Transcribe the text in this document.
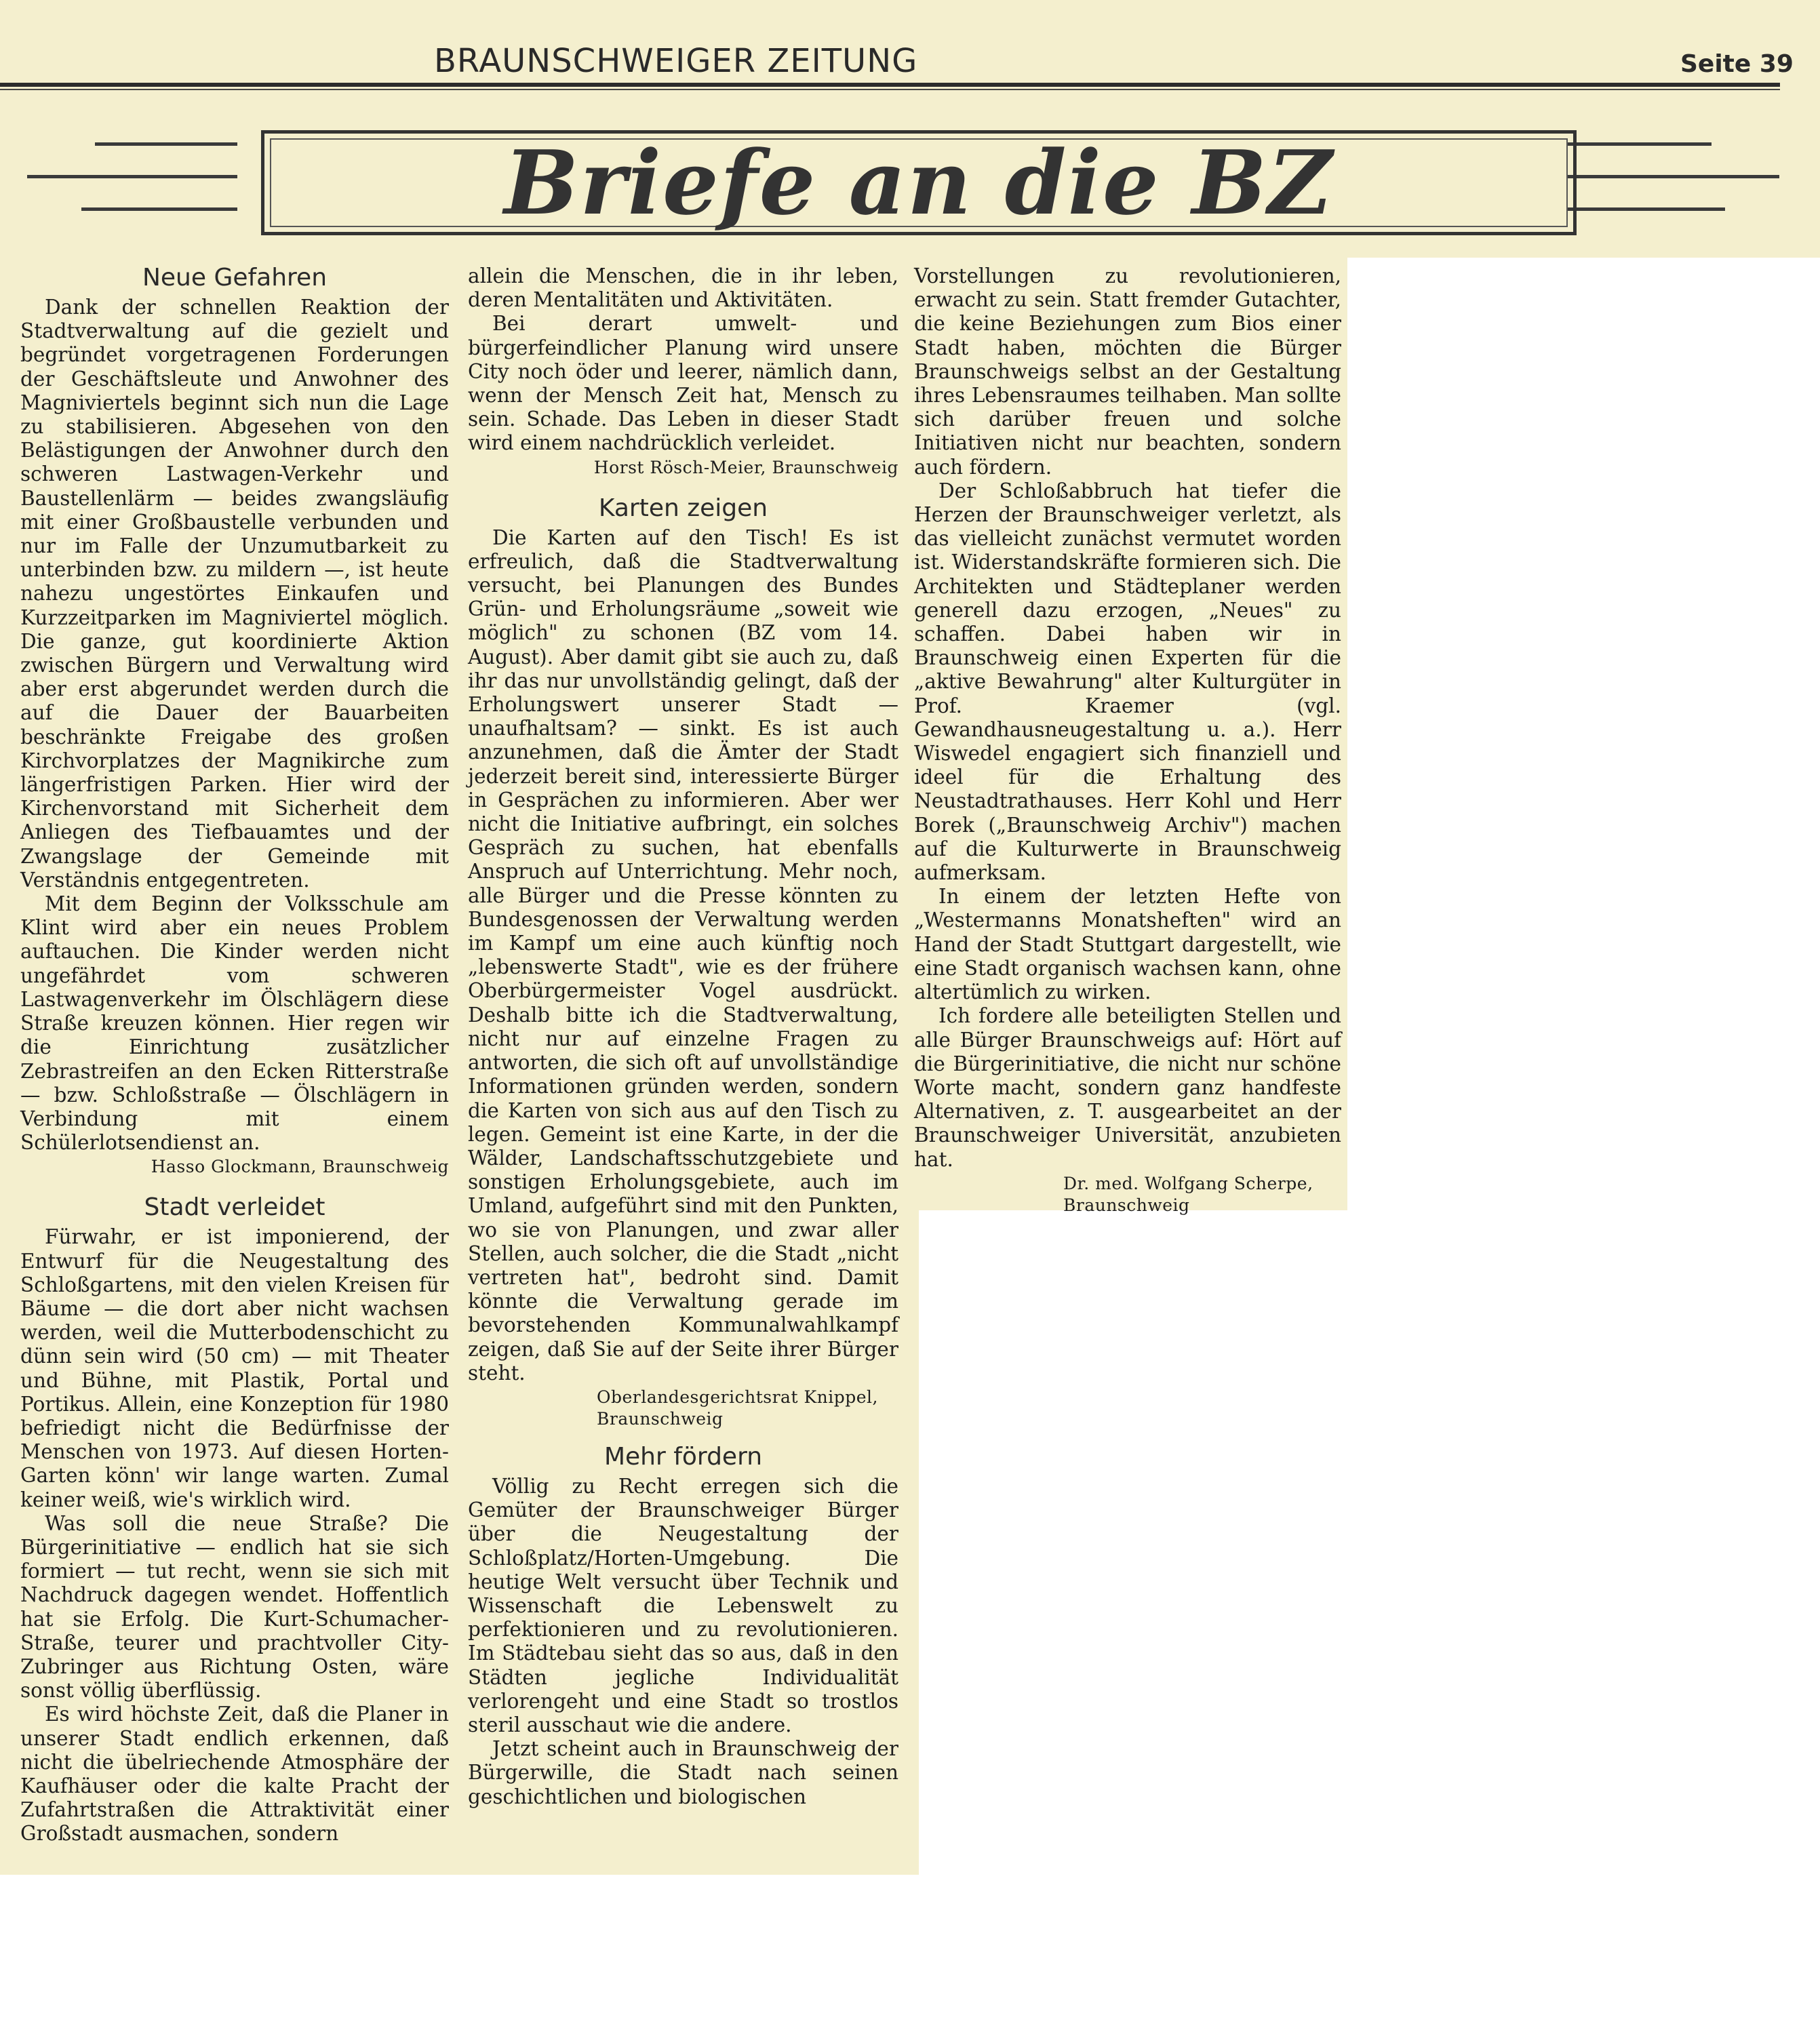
BRAUNSCHWEIGER ZEITUNG	Seite 39
Briefe an die BZ
Neue Gefahren

Dank der schnellen Reaktion der Stadtverwaltung auf die gezielt und begründet vorgetragenen Forderungen der Geschäftsleute und Anwohner des Magniviertels beginnt sich nun die Lage zu stabilisieren. Abgesehen von den Belästigungen der Anwohner durch den schweren Lastwagen-Verkehr und Baustellenlärm — beides zwangsläufig mit einer Großbaustelle verbunden und nur im Falle der Unzumutbarkeit zu unterbinden bzw. zu mildern —, ist heute nahezu ungestörtes Einkaufen und Kurzzeitparken im Magniviertel möglich. Die ganze, gut koordinierte Aktion zwischen Bürgern und Verwaltung wird aber erst abgerundet werden durch die auf die Dauer der Bauarbeiten beschränkte Freigabe des großen Kirchvorplatzes der Magnikirche zum längerfristigen Parken. Hier wird der Kirchenvorstand mit Sicherheit dem Anliegen des Tiefbauamtes und der Zwangslage der Gemeinde mit Verständnis entgegentreten.

Mit dem Beginn der Volksschule am Klint wird aber ein neues Problem auftauchen. Die Kinder werden nicht ungefährdet vom schweren Lastwagenverkehr im Ölschlägern diese Straße kreuzen können. Hier regen wir die Einrichtung zusätzlicher Zebrastreifen an den Ecken Ritterstraße — bzw. Schloßstraße — Ölschlägern in Verbindung mit einem Schülerlotsendienst an.

Hasso Glockmann, Braunschweig
Stadt verleidet

Fürwahr, er ist imponierend, der Entwurf für die Neugestaltung des Schloßgartens, mit den vielen Kreisen für Bäume — die dort aber nicht wachsen werden, weil die Mutterbodenschicht zu dünn sein wird (50 cm) — mit Theater und Bühne, mit Plastik, Portal und Portikus. Allein, eine Konzeption für 1980 befriedigt nicht die Bedürfnisse der Menschen von 1973. Auf diesen Horten-Garten könn' wir lange warten. Zumal keiner weiß, wie's wirklich wird.

Was soll die neue Straße? Die Bürgerinitiative — endlich hat sie sich formiert — tut recht, wenn sie sich mit Nachdruck dagegen wendet. Hoffentlich hat sie Erfolg. Die Kurt-Schumacher-Straße, teurer und prachtvoller City-Zubringer aus Richtung Osten, wäre sonst völlig überflüssig.

Es wird höchste Zeit, daß die Planer in unserer Stadt endlich erkennen, daß nicht die übelriechende Atmosphäre der Kaufhäuser oder die kalte Pracht der Zufahrtstraßen die Attraktivität einer Großstadt ausmachen, sondern

allein die Menschen, die in ihr leben, deren Mentalitäten und Aktivitäten.

Bei derart umwelt- und bürgerfeindlicher Planung wird unsere City noch öder und leerer, nämlich dann, wenn der Mensch Zeit hat, Mensch zu sein. Schade. Das Leben in dieser Stadt wird einem nachdrücklich verleidet.

Horst Rösch-Meier, Braunschweig
Karten zeigen

Die Karten auf den Tisch! Es ist erfreulich, daß die Stadtverwaltung versucht, bei Planungen des Bundes Grün- und Erholungsräume „soweit wie möglich" zu schonen (BZ vom 14. August). Aber damit gibt sie auch zu, daß ihr das nur unvollständig gelingt, daß der Erholungswert unserer Stadt — unaufhaltsam? — sinkt. Es ist auch anzunehmen, daß die Ämter der Stadt jederzeit bereit sind, interessierte Bürger in Gesprächen zu informieren. Aber wer nicht die Initiative aufbringt, ein solches Gespräch zu suchen, hat ebenfalls Anspruch auf Unterrichtung. Mehr noch, alle Bürger und die Presse könnten zu Bundesgenossen der Verwaltung werden im Kampf um eine auch künftig noch „lebenswerte Stadt", wie es der frühere Oberbürgermeister Vogel ausdrückt. Deshalb bitte ich die Stadtverwaltung, nicht nur auf einzelne Fragen zu antworten, die sich oft auf unvollständige Informationen gründen werden, sondern die Karten von sich aus auf den Tisch zu legen. Gemeint ist eine Karte, in der die Wälder, Landschaftsschutzgebiete und sonstigen Erholungsgebiete, auch im Umland, aufgeführt sind mit den Punkten, wo sie von Planungen, und zwar aller Stellen, auch solcher, die die Stadt „nicht vertreten hat", bedroht sind. Damit könnte die Verwaltung gerade im bevorstehenden Kommunalwahlkampf zeigen, daß Sie auf der Seite ihrer Bürger steht.

Oberlandesgerichtsrat Knippel,
Braunschweig
Mehr fördern

Völlig zu Recht erregen sich die Gemüter der Braunschweiger Bürger über die Neugestaltung der Schloßplatz/Horten-Umgebung. Die heutige Welt versucht über Technik und Wissenschaft die Lebenswelt zu perfektionieren und zu revolutionieren. Im Städtebau sieht das so aus, daß in den Städten jegliche Individualität verlorengeht und eine Stadt so trostlos steril ausschaut wie die andere.

Jetzt scheint auch in Braunschweig der Bürgerwille, die Stadt nach seinen geschichtlichen und biologischen

Vorstellungen zu revolutionieren, erwacht zu sein. Statt fremder Gutachter, die keine Beziehungen zum Bios einer Stadt haben, möchten die Bürger Braunschweigs selbst an der Gestaltung ihres Lebensraumes teilhaben. Man sollte sich darüber freuen und solche Initiativen nicht nur beachten, sondern auch fördern.

Der Schloßabbruch hat tiefer die Herzen der Braunschweiger verletzt, als das vielleicht zunächst vermutet worden ist. Widerstandskräfte formieren sich. Die Architekten und Städteplaner werden generell dazu erzogen, „Neues" zu schaffen. Dabei haben wir in Braunschweig einen Experten für die „aktive Bewahrung" alter Kulturgüter in Prof. Kraemer (vgl. Gewandhausneugestaltung u. a.). Herr Wiswedel engagiert sich finanziell und ideel für die Erhaltung des Neustadtrathauses. Herr Kohl und Herr Borek („Braunschweig Archiv") machen auf die Kulturwerte in Braunschweig aufmerksam.

In einem der letzten Hefte von „Westermanns Monatsheften" wird an Hand der Stadt Stuttgart dargestellt, wie eine Stadt organisch wachsen kann, ohne altertümlich zu wirken.

Ich fordere alle beteiligten Stellen und alle Bürger Braunschweigs auf: Hört auf die Bürgerinitiative, die nicht nur schöne Worte macht, sondern ganz handfeste Alternativen, z. T. ausgearbeitet an der Braunschweiger Universität, anzubieten hat.

Dr. med. Wolfgang Scherpe,
Braunschweig
